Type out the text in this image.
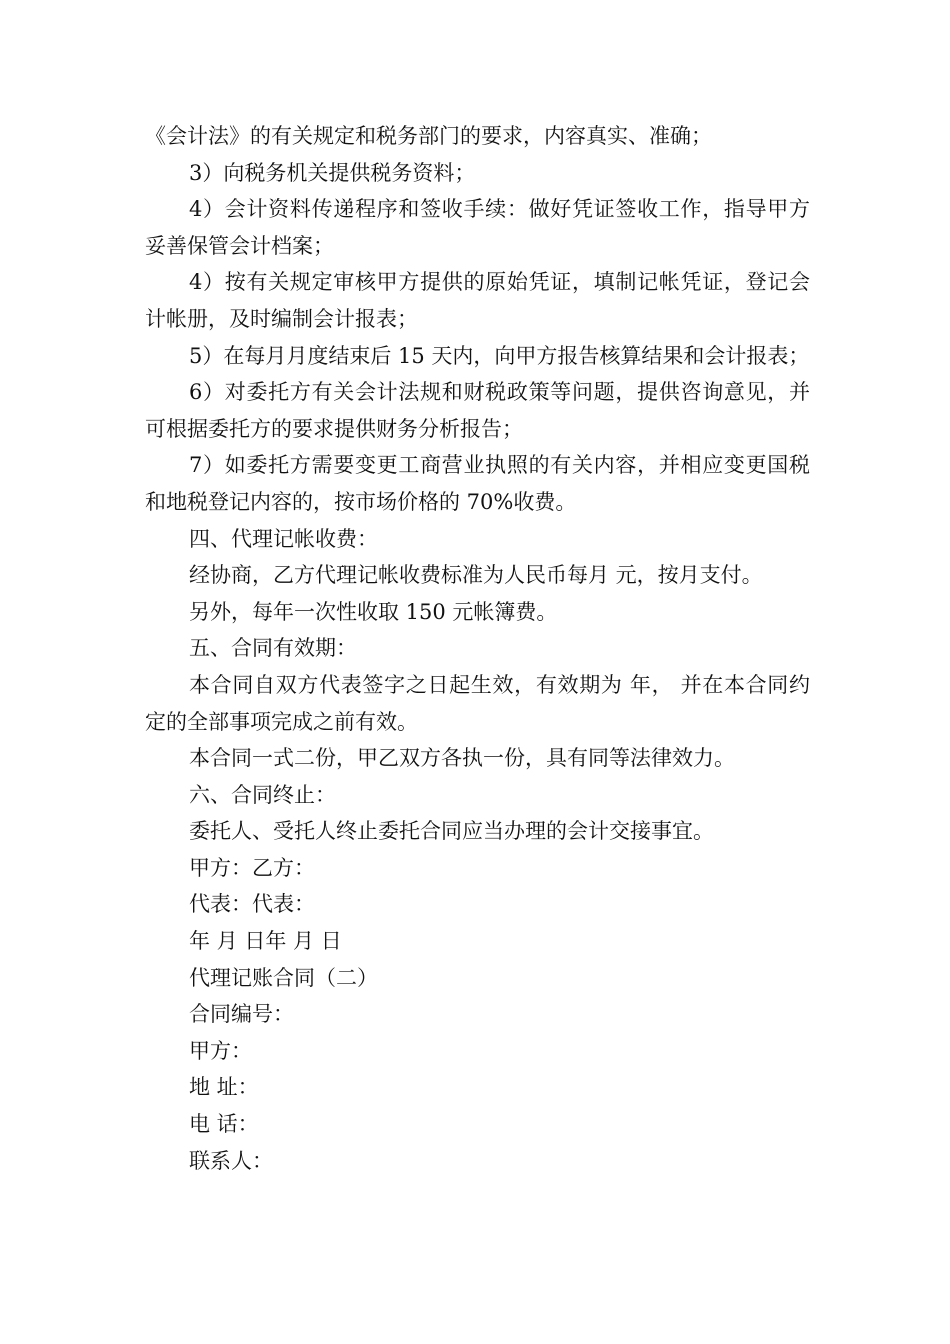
《会计法》的有关规定和税务部门的要求，内容真实、准确；

3）向税务机关提供税务资料；

4）会计资料传递程序和签收手续：做好凭证签收工作，指导甲方妥善保管会计档案；

4）按有关规定审核甲方提供的原始凭证，填制记帐凭证，登记会计帐册，及时编制会计报表；

5）在每月月度结束后 15 天内，向甲方报告核算结果和会计报表；

6）对委托方有关会计法规和财税政策等问题，提供咨询意见，并可根据委托方的要求提供财务分析报告；

7）如委托方需要变更工商营业执照的有关内容，并相应变更国税和地税登记内容的，按市场价格的 70%收费。

四、代理记帐收费：

经协商，乙方代理记帐收费标准为人民币每月 元，按月支付。

另外，每年一次性收取 150 元帐簿费。

五、合同有效期：

本合同自双方代表签字之日起生效，有效期为 年， 并在本合同约定的全部事项完成之前有效。

本合同一式二份，甲乙双方各执一份，具有同等法律效力。

六、合同终止：

委托人、受托人终止委托合同应当办理的会计交接事宜。

甲方：乙方：

代表：代表：

年 月 日年 月 日

代理记账合同（二）

合同编号：

甲方：

地 址：

电 话：

联系人：
